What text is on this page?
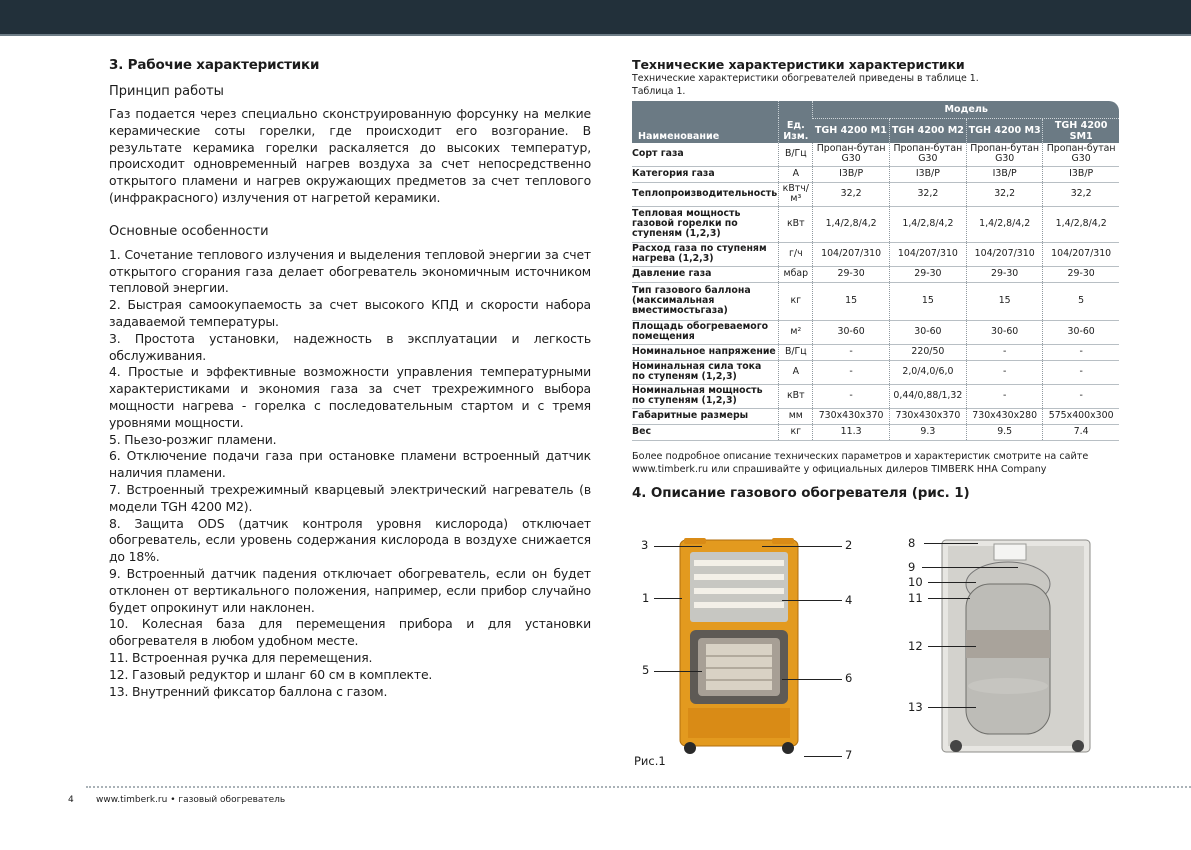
3. Рабочие характеристики
Принцип работы
Газ подается через специально сконструированную форсунку на мелкие керамические соты горелки, где происходит его возгорание. В результате керамика горелки раскаляется до высоких температур, происходит одновременный нагрев воздуха за счет непосредственно открытого пламени и нагрев окружающих предметов за счет теплового (инфракрасного) излучения от нагретой керамики.
Основные особенности
1. Сочетание теплового излучения и выделения тепловой энергии за счет открытого сгорания газа делает обогреватель экономичным источником тепловой энергии.
2. Быстрая самоокупаемость за счет высокого КПД и скорости набора задаваемой температуры.
3. Простота установки, надежность в эксплуатации и легкость обслуживания.
4. Простые и эффективные возможности управления температурными характеристиками и экономия газа за счет трехрежимного выбора мощности нагрева - горелка с последовательным стартом и с тремя уровнями мощности.
5. Пьезо-розжиг пламени.
6. Отключение подачи газа при остановке пламени встроенный датчик наличия пламени.
7. Встроенный трехрежимный кварцевый электрический нагреватель (в модели TGH 4200 M2).
8. Защита ODS (датчик контроля уровня кислорода) отключает обогреватель, если уровень содержания кислорода в воздухе снижается до 18%.
9. Встроенный датчик падения отключает обогреватель, если он будет отклонен от вертикального положения, например, если прибор случайно будет опрокинут или наклонен.
10. Колесная база для перемещения прибора и для установки обогревателя в любом удобном месте.
11. Встроенная ручка для перемещения.
12. Газовый редуктор и шланг 60 см в комплекте.
13. Внутренний фиксатор баллона с газом.
Технические характеристики характеристики
Технические характеристики обогревателей приведены в таблице 1.
Таблица 1.
Наименование	Ед. Изм.	Модель			
		TGH 4200 M1	TGH 4200 M2	TGH 4200 M3	TGH 4200 SM1
Сорт газа	В/Гц	Пропан-бутан G30	Пропан-бутан G30	Пропан-бутан G30	Пропан-бутан G30
Категория газа	А	I3B/P	I3B/P	I3B/P	I3B/P
Теплопроизводительность	кВтч/м³	32,2	32,2	32,2	32,2
Тепловая мощность газовой горелки по ступеням (1,2,3)	кВт	1,4/2,8/4,2	1,4/2,8/4,2	1,4/2,8/4,2	1,4/2,8/4,2
Расход газа по ступеням нагрева (1,2,3)	г/ч	104/207/310	104/207/310	104/207/310	104/207/310
Давление газа	мбар	29-30	29-30	29-30	29-30
Тип газового баллона (максимальная вместимостьгаза)	кг	15	15	15	5
Площадь обогреваемого помещения	м²	30-60	30-60	30-60	30-60
Номинальное напряжение	В/Гц	-	220/50	-	-
Номинальная сила тока по ступеням (1,2,3)	А	-	2,0/4,0/6,0	-	-
Номинальная мощность по ступеням (1,2,3)	кВт	-	0,44/0,88/1,32	-	-
Габаритные размеры	мм	730х430х370	730х430х370	730х430х280	575х400х300
Вес	кг	11.3	9.3	9.5	7.4
Более подробное описание технических параметров и характеристик смотрите на сайте www.timberk.ru или спрашивайте у официальных дилеров TIMBERK HHA Company
4. Описание газового обогревателя (рис. 1)
3	2
1	4
5
6
7
Рис.1
8
9
10
11
12
13
4 www.timberk.ru • газовый обогреватель
